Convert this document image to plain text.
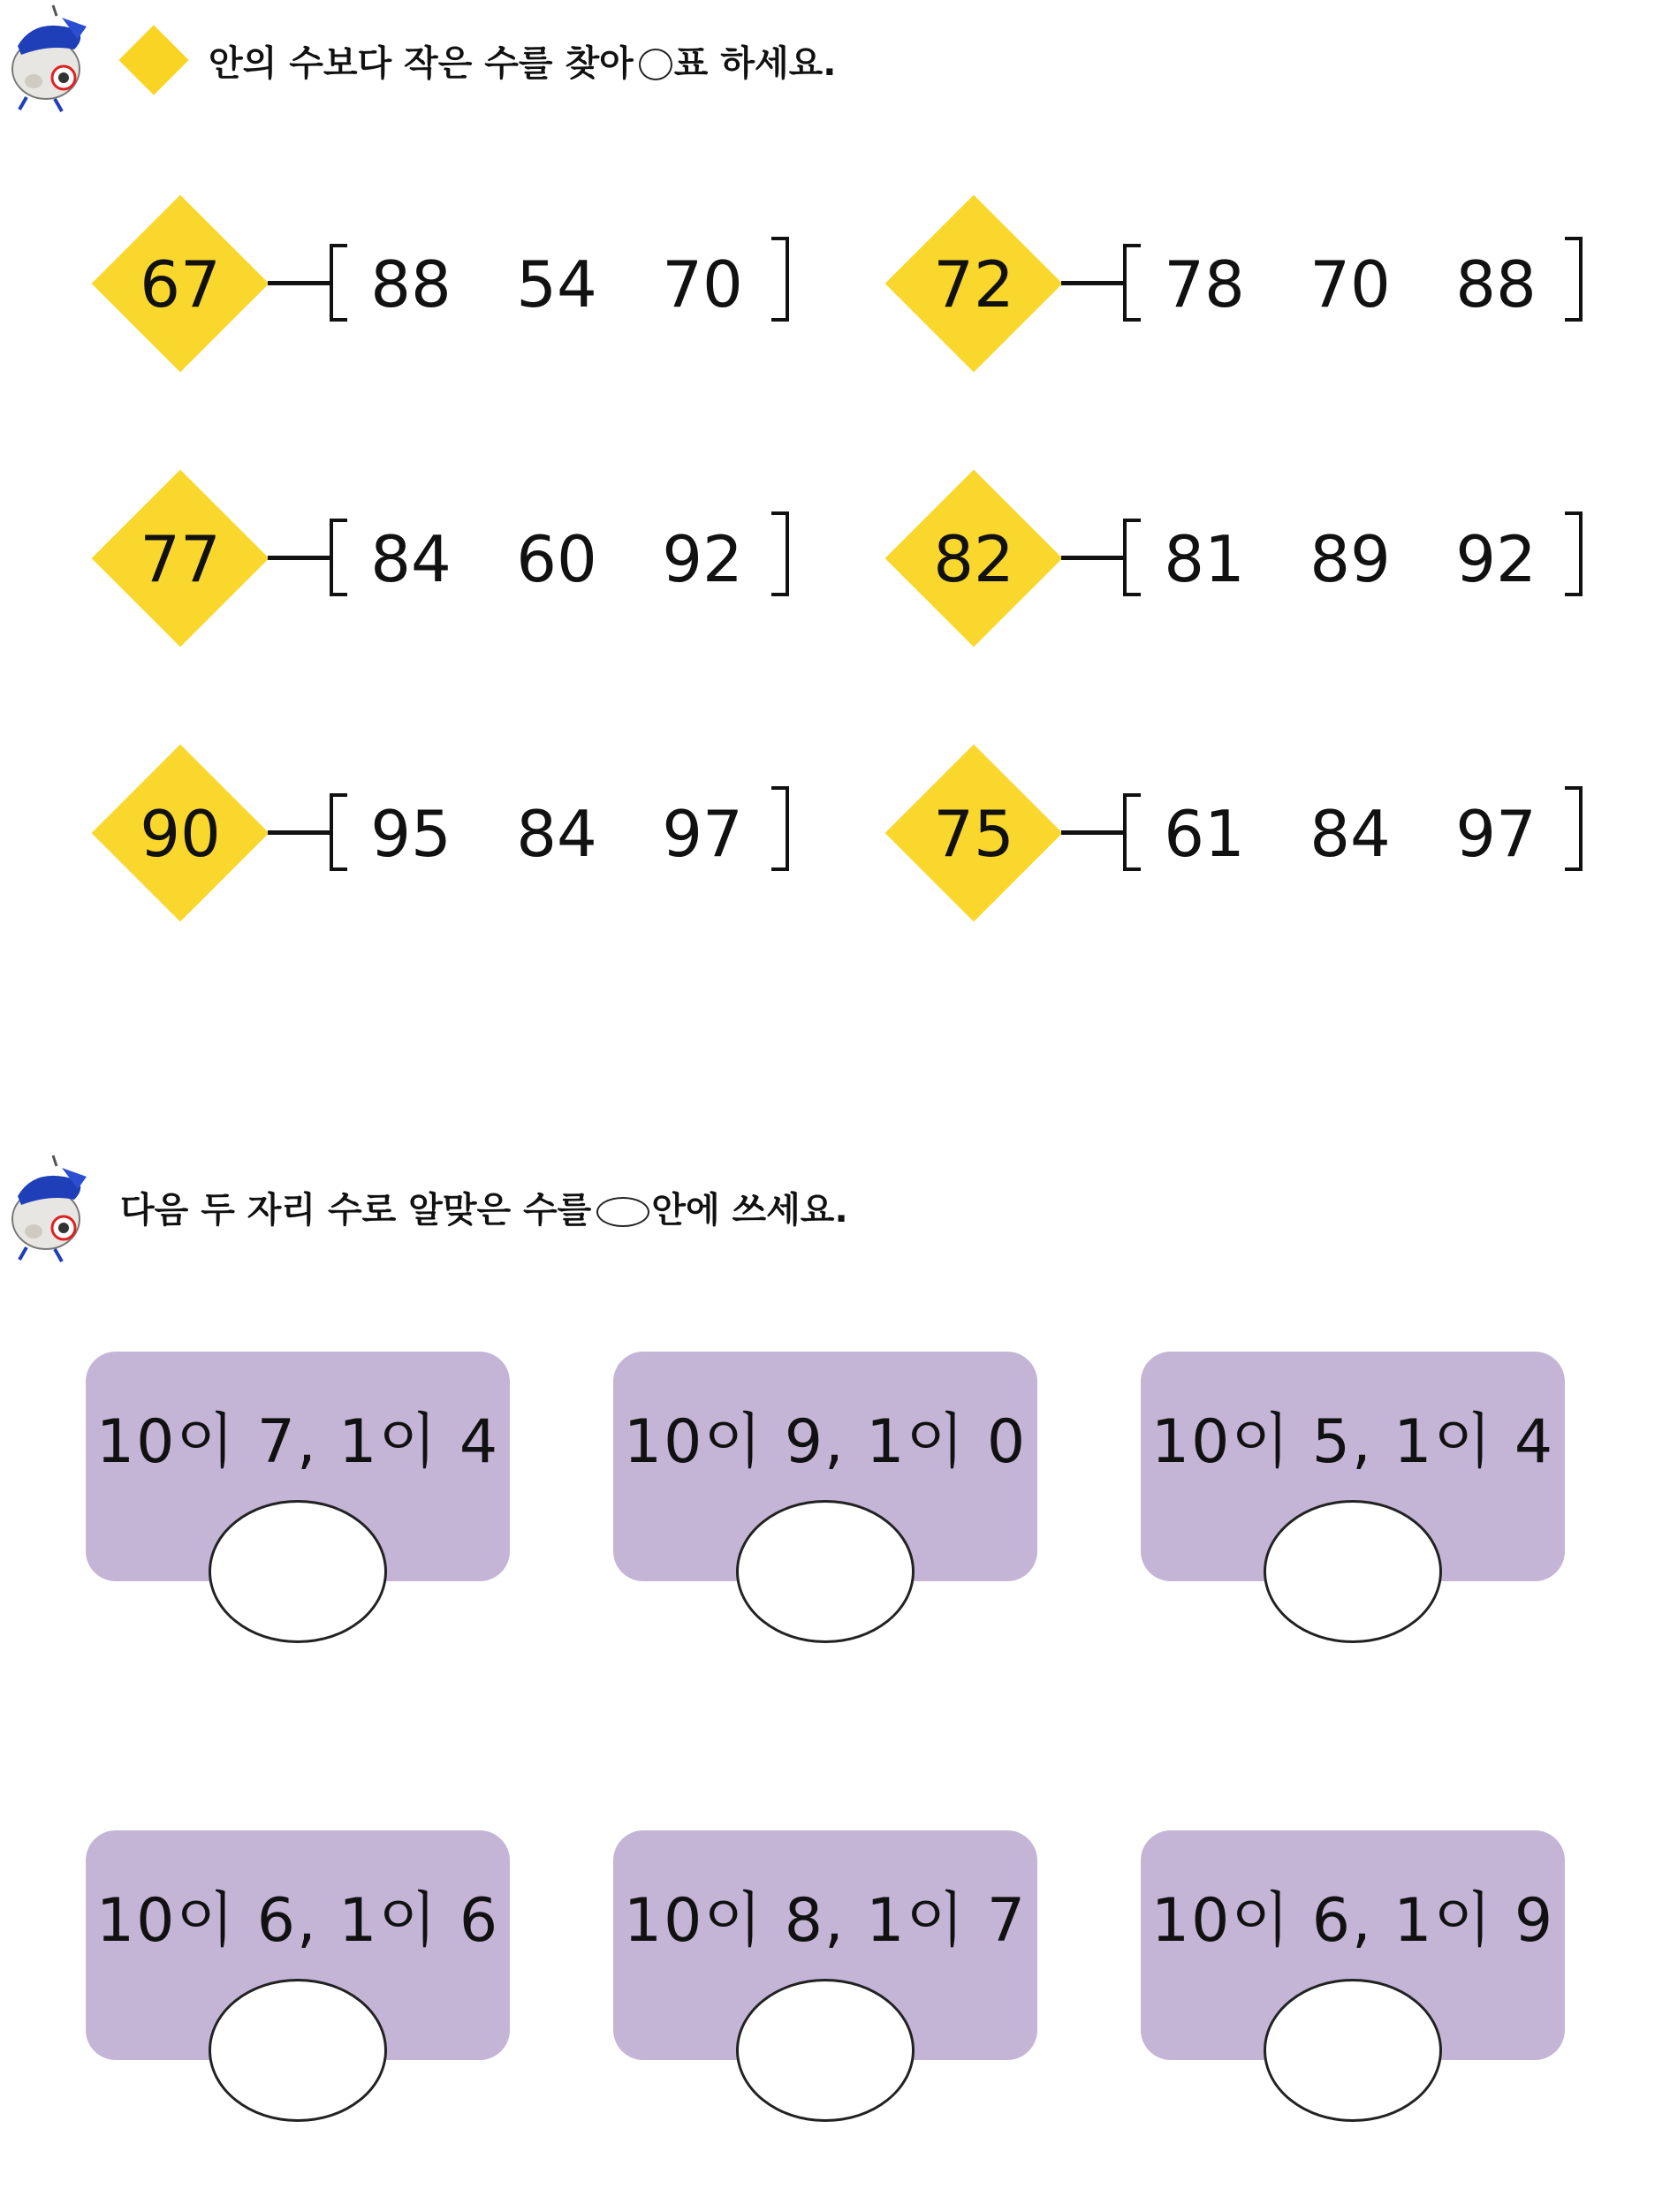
안의 수보다 작은 수를 찾아 표 하세요.
67	88 54 70	72	78 70 88
77	84 60 92	82	81 89 92
90	95 84 97	75	61 84 97
다음 두 자리 수로 알맞은 수를 안에 쓰세요.
10이 7, 1이 4 10이 9, 1이 0 10이 5, 1이 4
10이 6, 1이 6 10이 8, 1이 7 10이 6, 1이 9
